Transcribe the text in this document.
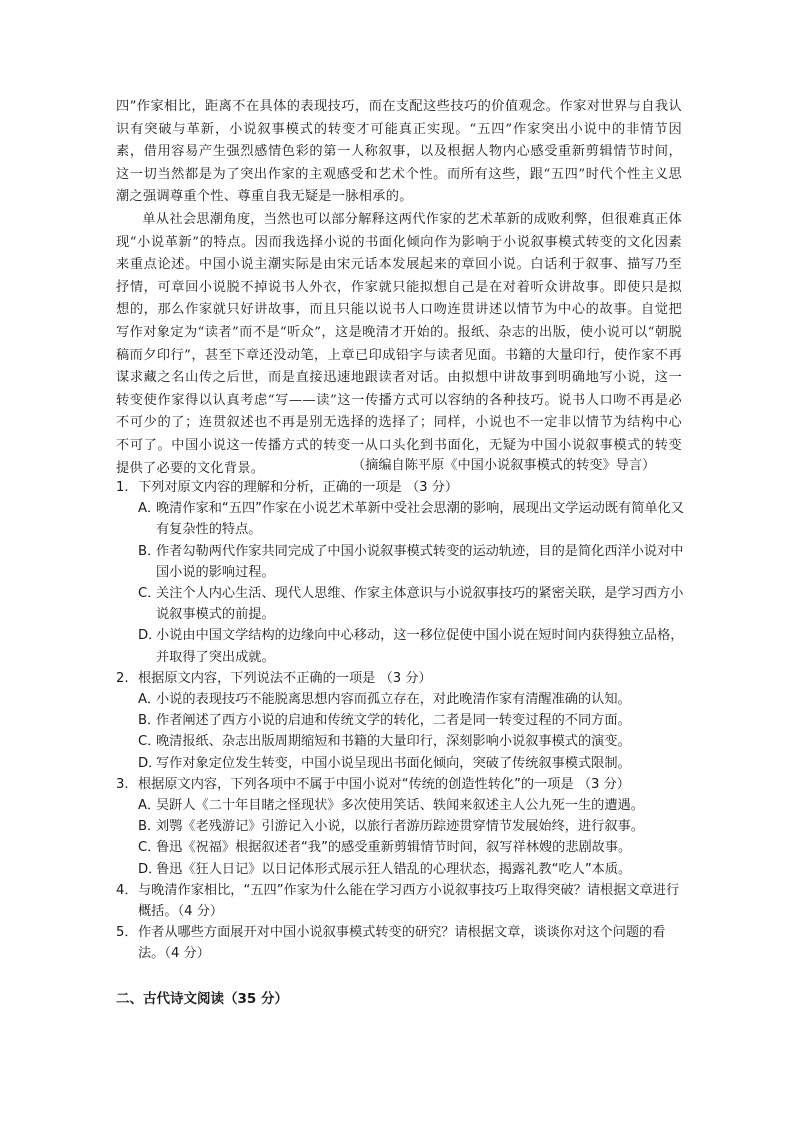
四”作家相比，距离不在具体的表现技巧，而在支配这些技巧的价值观念。作家对世界与自我认识有突破与革新，小说叙事模式的转变才可能真正实现。“五四”作家突出小说中的非情节因素，借用容易产生强烈感情色彩的第一人称叙事，以及根据人物内心感受重新剪辑情节时间，这一切当然都是为了突出作家的主观感受和艺术个性。而所有这些，跟“五四”时代个性主义思潮之强调尊重个性、尊重自我无疑是一脉相承的。

单从社会思潮角度，当然也可以部分解释这两代作家的艺术革新的成败利弊，但很难真正体现“小说革新”的特点。因而我选择小说的书面化倾向作为影响于小说叙事模式转变的文化因素来重点论述。中国小说主潮实际是由宋元话本发展起来的章回小说。白话利于叙事、描写乃至抒情，可章回小说脱不掉说书人外衣，作家就只能拟想自己是在对着听众讲故事。即使只是拟想的，那么作家就只好讲故事，而且只能以说书人口吻连贯讲述以情节为中心的故事。自觉把写作对象定为“读者”而不是“听众”，这是晚清才开始的。报纸、杂志的出版，使小说可以“朝脱稿而夕印行”，甚至下章还没动笔，上章已印成铅字与读者见面。书籍的大量印行，使作家不再谋求藏之名山传之后世，而是直接迅速地跟读者对话。由拟想中讲故事到明确地写小说，这一转变使作家得以认真考虑“写——读”这一传播方式可以容纳的各种技巧。说书人口吻不再是必不可少的了；连贯叙述也不再是别无选择的选择了；同样，小说也不一定非以情节为结构中心不可了。中国小说这一传播方式的转变一从口头化到书面化，无疑为中国小说叙事模式的转变提供了必要的文化背景。	（摘编自陈平原《中国小说叙事模式的转变》导言）
1. 下列对原文内容的理解和分析，正确的一项是 （3 分）
A．
晚清作家和“五四”作家在小说艺术革新中受社会思潮的影响，展现出文学运动既有简单化又有复杂性的特点。
B．
作者勾勒两代作家共同完成了中国小说叙事模式转变的运动轨迹，目的是简化西洋小说对中国小说的影响过程。
C．
关注个人内心生活、现代人思维、作家主体意识与小说叙事技巧的紧密关联，是学习西方小说叙事模式的前提。
D．
小说由中国文学结构的边缘向中心移动，这一移位促使中国小说在短时间内获得独立品格，并取得了突出成就。
2. 根据原文内容，下列说法不正确的一项是 （3 分）
A．
小说的表现技巧不能脱离思想内容而孤立存在，对此晚清作家有清醒准确的认知。
B．
作者阐述了西方小说的启迪和传统文学的转化，二者是同一转变过程的不同方面。
C．
晚清报纸、杂志出版周期缩短和书籍的大量印行，深刻影响小说叙事模式的演变。
D．
写作对象定位发生转变，中国小说呈现出书面化倾向，突破了传统叙事模式限制。
3. 根据原文内容，下列各项中不属于中国小说对“传统的创造性转化”的一项是 （3 分）
A．
吴趼人《二十年目睹之怪现状》多次使用笑话、轶闻来叙述主人公九死一生的遭遇。
B．
刘鹗《老残游记》引游记入小说，以旅行者游历踪迹贯穿情节发展始终，进行叙事。
C．
鲁迅《祝福》根据叙述者“我”的感受重新剪辑情节时间，叙写祥林嫂的悲剧故事。
D．
鲁迅《狂人日记》以日记体形式展示狂人错乱的心理状态，揭露礼教“吃人”本质。
4． 与晚清作家相比，“五四”作家为什么能在学习西方小说叙事技巧上取得突破？请根据文章进行概括。（4 分）
5． 作者从哪些方面展开对中国小说叙事模式转变的研究？请根据文章，谈谈你对这个问题的看法。（4 分）
二、古代诗文阅读（35 分）
